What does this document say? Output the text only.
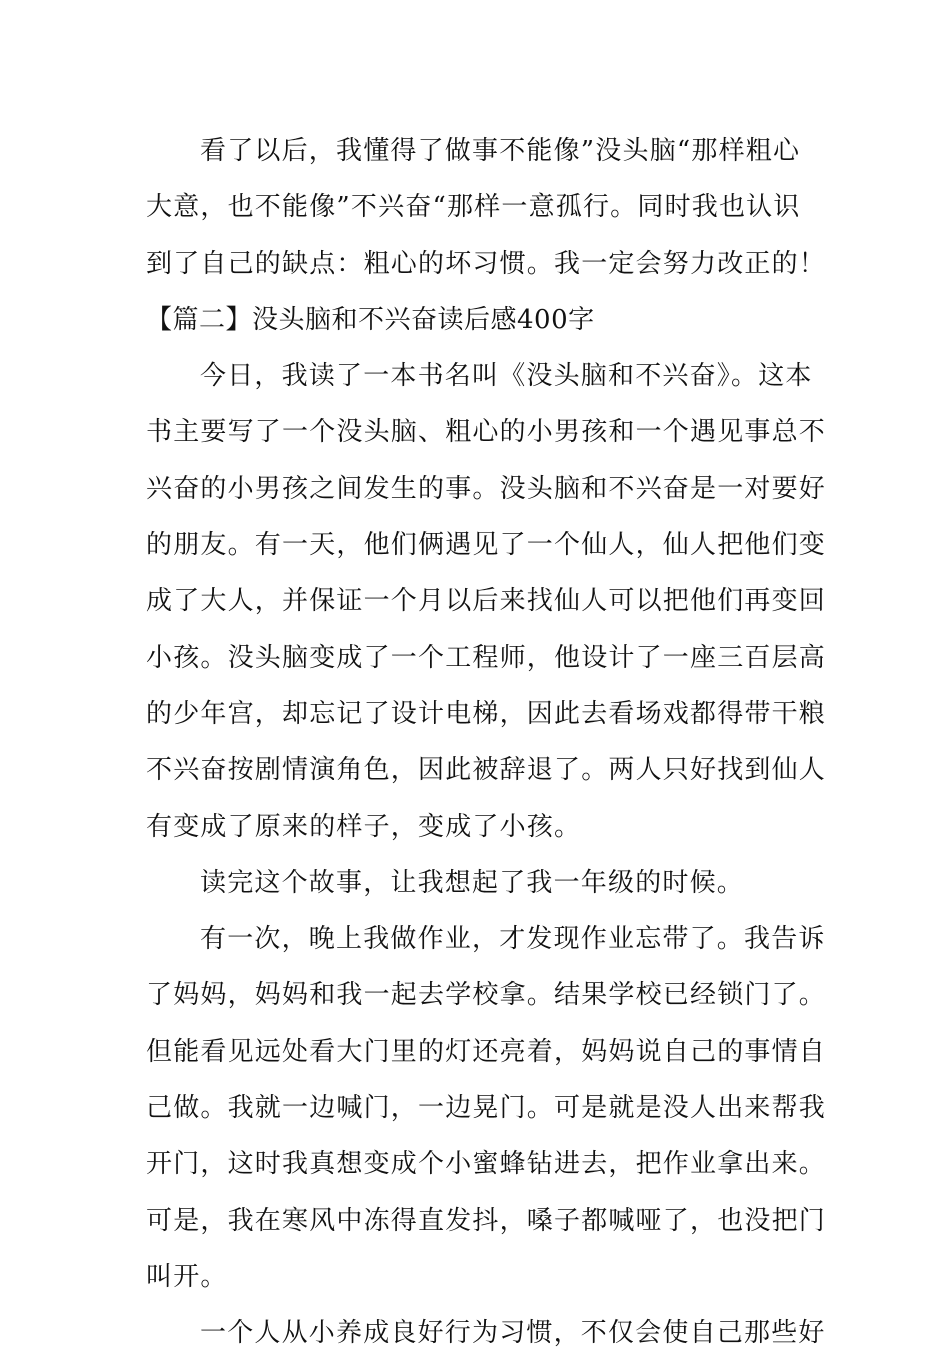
看了以后，我懂得了做事不能像”没头脑“那样粗心
大意，也不能像”不兴奋“那样一意孤行。同时我也认识
到了自己的缺点：粗心的坏习惯。我一定会努力改正的！
【篇二】没头脑和不兴奋读后感400字
今日，我读了一本书名叫《没头脑和不兴奋》。这本
书主要写了一个没头脑、粗心的小男孩和一个遇见事总不
兴奋的小男孩之间发生的事。没头脑和不兴奋是一对要好
的朋友。有一天，他们俩遇见了一个仙人，仙人把他们变
成了大人，并保证一个月以后来找仙人可以把他们再变回
小孩。没头脑变成了一个工程师，他设计了一座三百层高
的少年宫，却忘记了设计电梯，因此去看场戏都得带干粮
不兴奋按剧情演角色，因此被辞退了。两人只好找到仙人
有变成了原来的样子，变成了小孩。
读完这个故事，让我想起了我一年级的时候。
有一次，晚上我做作业，才发现作业忘带了。我告诉
了妈妈，妈妈和我一起去学校拿。结果学校已经锁门了。
但能看见远处看大门里的灯还亮着，妈妈说自己的事情自
己做。我就一边喊门，一边晃门。可是就是没人出来帮我
开门，这时我真想变成个小蜜蜂钻进去，把作业拿出来。
可是，我在寒风中冻得直发抖，嗓子都喊哑了，也没把门
叫开。
一个人从小养成良好行为习惯，不仅会使自己那些好
